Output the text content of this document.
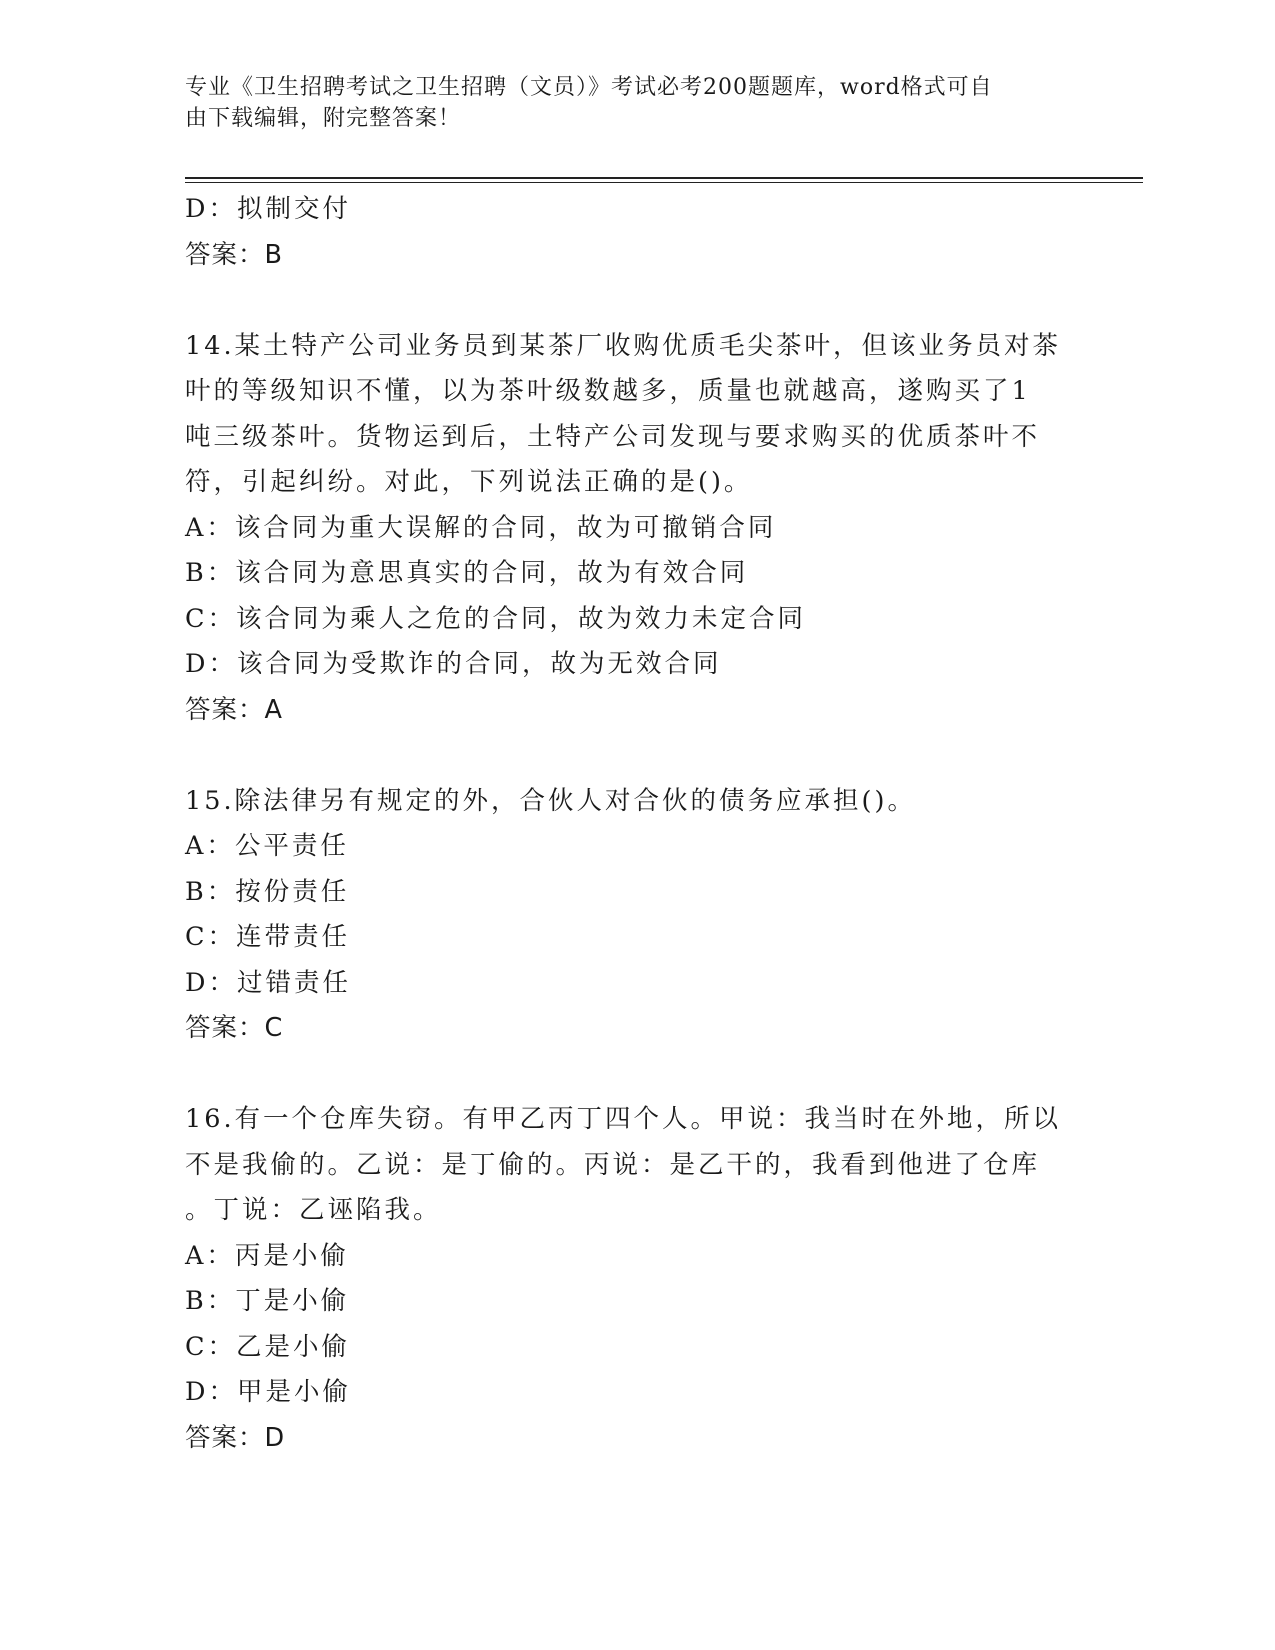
专业《卫生招聘考试之卫生招聘（文员）》考试必考200题题库，word格式可自
由下载编辑，附完整答案！
D：拟制交付
答案：B
14.某土特产公司业务员到某茶厂收购优质毛尖茶叶，但该业务员对茶
叶的等级知识不懂，以为茶叶级数越多，质量也就越高，遂购买了1
吨三级茶叶。货物运到后，土特产公司发现与要求购买的优质茶叶不
符，引起纠纷。对此，下列说法正确的是()。
A：该合同为重大误解的合同，故为可撤销合同
B：该合同为意思真实的合同，故为有效合同
C：该合同为乘人之危的合同，故为效力未定合同
D：该合同为受欺诈的合同，故为无效合同
答案：A
15.除法律另有规定的外，合伙人对合伙的债务应承担()。
A：公平责任
B：按份责任
C：连带责任
D：过错责任
答案：C
16.有一个仓库失窃。有甲乙丙丁四个人。甲说：我当时在外地，所以
不是我偷的。乙说：是丁偷的。丙说：是乙干的，我看到他进了仓库
。丁说：乙诬陷我。
A：丙是小偷
B：丁是小偷
C：乙是小偷
D：甲是小偷
答案：D
